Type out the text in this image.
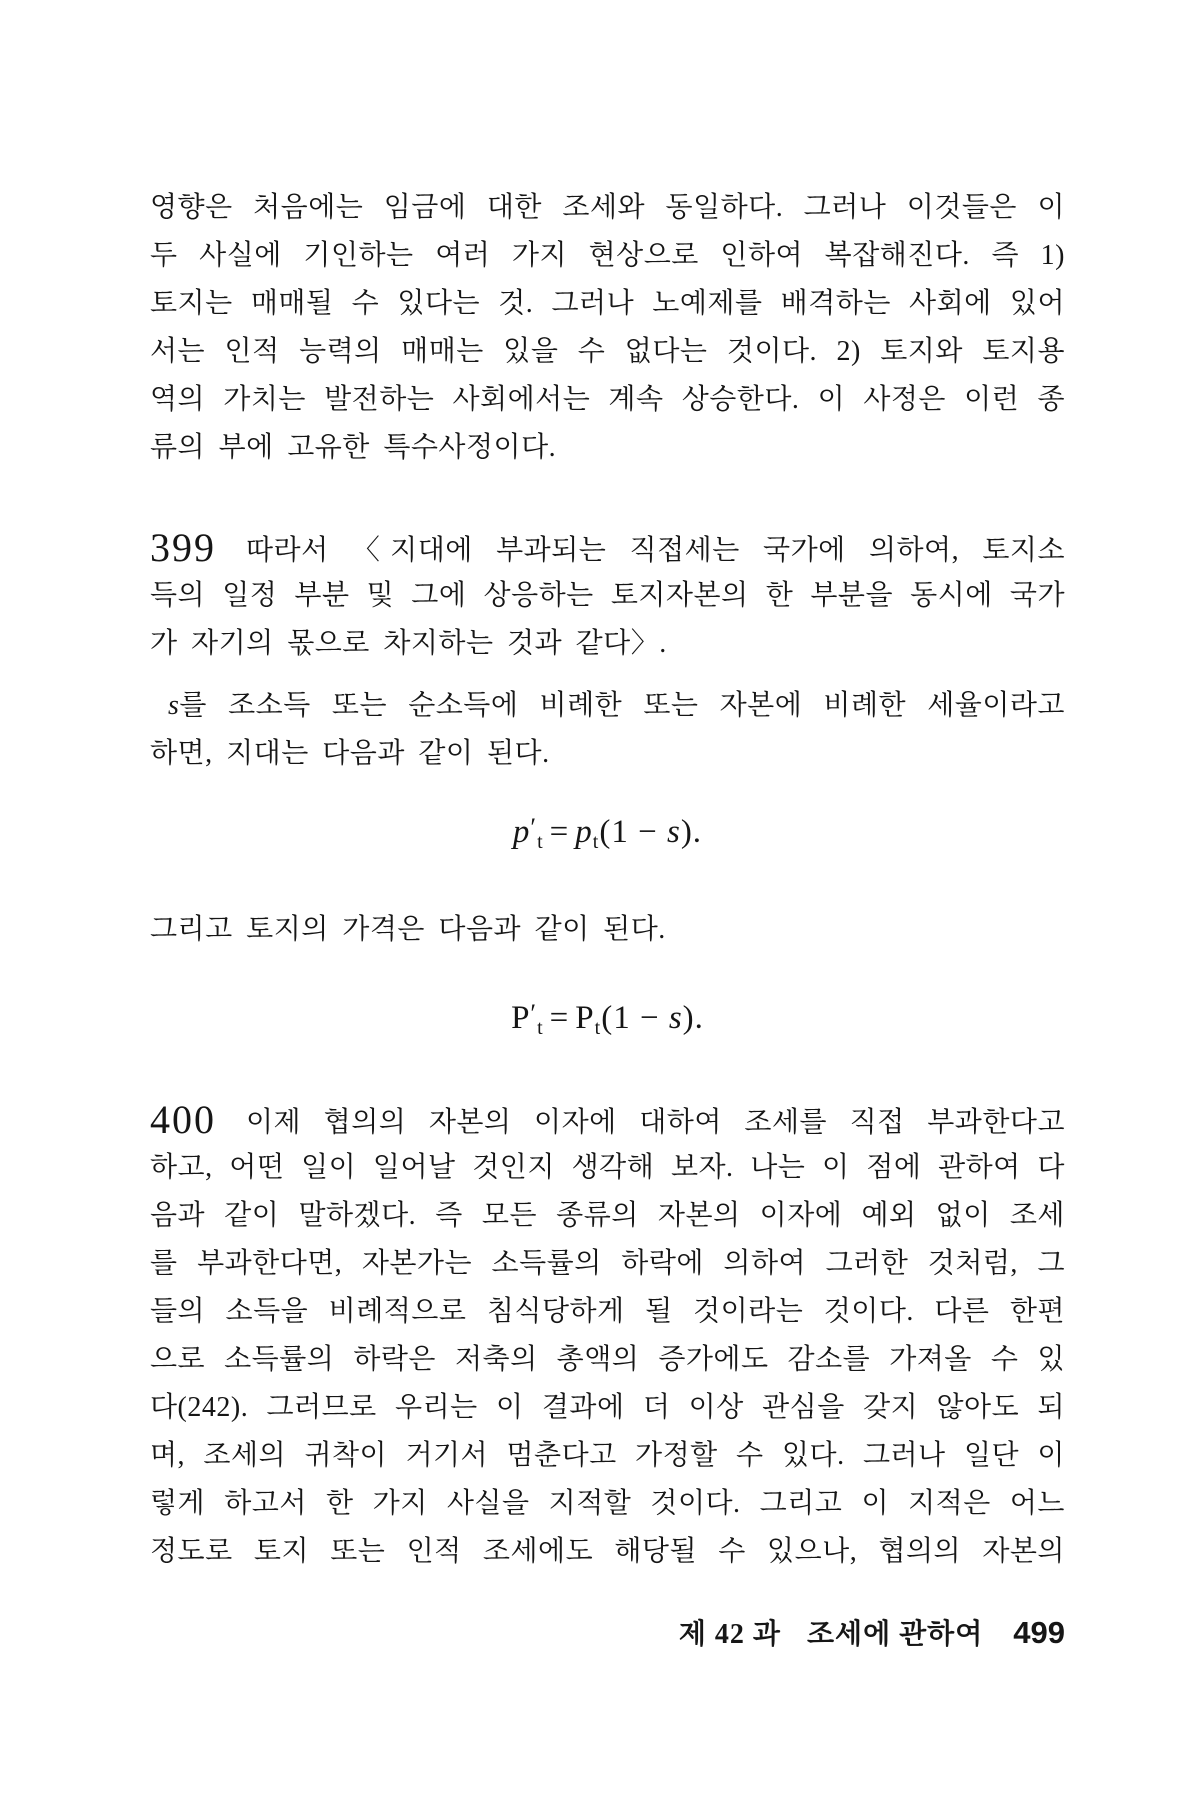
영향은 처음에는 임금에 대한 조세와 동일하다. 그러나 이것들은 이
두 사실에 기인하는 여러 가지 현상으로 인하여 복잡해진다. 즉 1)
토지는 매매될 수 있다는 것. 그러나 노예제를 배격하는 사회에 있어
서는 인적 능력의 매매는 있을 수 없다는 것이다. 2) 토지와 토지용
역의 가치는 발전하는 사회에서는 계속 상승한다. 이 사정은 이런 종
류의 부에 고유한 특수사정이다.

399 따라서 〈지대에 부과되는 직접세는 국가에 의하여, 토지소
득의 일정 부분 및 그에 상응하는 토지자본의 한 부분을 동시에 국가
가 자기의 몫으로 차지하는 것과 같다〉.

s를 조소득 또는 순소득에 비례한 또는 자본에 비례한 세율이라고
하면, 지대는 다음과 같이 된다.

$p'_t = p_t(1 - s)$.

그리고 토지의 가격은 다음과 같이 된다.

$P'_t = P_t(1 - s)$.

400 이제 협의의 자본의 이자에 대하여 조세를 직접 부과한다고
하고, 어떤 일이 일어날 것인지 생각해 보자. 나는 이 점에 관하여 다
음과 같이 말하겠다. 즉 모든 종류의 자본의 이자에 예외 없이 조세
를 부과한다면, 자본가는 소득률의 하락에 의하여 그러한 것처럼, 그
들의 소득을 비례적으로 침식당하게 될 것이라는 것이다. 다른 한편
으로 소득률의 하락은 저축의 총액의 증가에도 감소를 가져올 수 있
다(242). 그러므로 우리는 이 결과에 더 이상 관심을 갖지 않아도 되
며, 조세의 귀착이 거기서 멈춘다고 가정할 수 있다. 그러나 일단 이
렇게 하고서 한 가지 사실을 지적할 것이다. 그리고 이 지적은 어느
정도로 토지 또는 인적 조세에도 해당될 수 있으나, 협의의 자본의

제 42 과 조세에 관하여 499
